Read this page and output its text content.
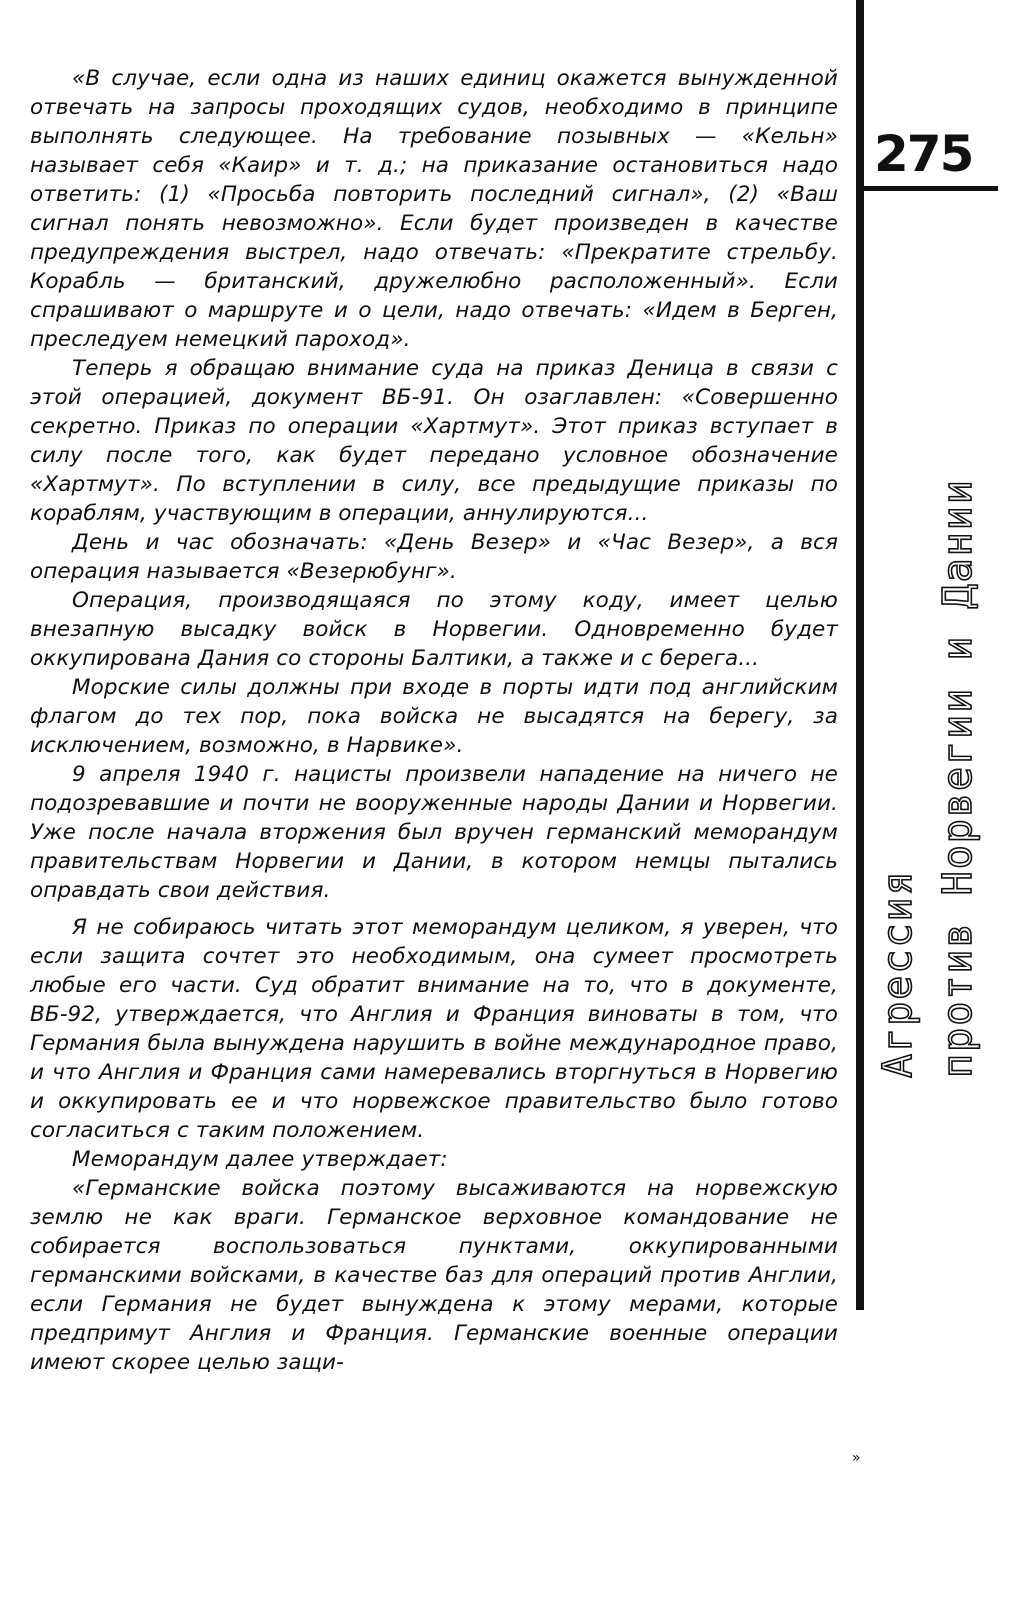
«В случае, если одна из наших единиц окажется вынужденной отвечать на запросы проходящих судов, необходимо в принципе выполнять следующее. На требование позывных — «Кельн» называет себя «Каир» и т. д.; на приказание остановиться надо ответить: (1) «Просьба повторить последний сигнал», (2) «Ваш сигнал понять невозможно». Если будет произведен в качестве предупреждения выстрел, надо отвечать: «Прекратите стрельбу. Корабль — британский, дружелюбно расположенный». Если спрашивают о маршруте и о цели, надо отвечать: «Идем в Берген, преследуем немецкий пароход».

Теперь я обращаю внимание суда на приказ Деница в связи с этой операцией, документ ВБ-91. Он озаглавлен: «Совершенно секретно. Приказ по операции «Хартмут». Этот приказ вступает в силу после того, как будет передано условное обозначение «Хартмут». По вступлении в силу, все предыдущие приказы по кораблям, участвующим в операции, аннулируются...

День и час обозначать: «День Везер» и «Час Везер», а вся операция называется «Везерюбунг».

Операция, производящаяся по этому коду, имеет целью внезапную высадку войск в Норвегии. Одновременно будет оккупирована Дания со стороны Балтики, а также и с берега...

Морские силы должны при входе в порты идти под английским флагом до тех пор, пока войска не высадятся на берегу, за исключением, возможно, в Нарвике».

9 апреля 1940 г. нацисты произвели нападение на ничего не подозревавшие и почти не вооруженные народы Дании и Норвегии. Уже после начала вторжения был вручен германский меморандум правительствам Норвегии и Дании, в котором немцы пытались оправдать свои действия.

Я не собираюсь читать этот меморандум целиком, я уверен, что если защита сочтет это необходимым, она сумеет просмотреть любые его части. Суд обратит внимание на то, что в документе, ВБ-92, утверждается, что Англия и Франция виноваты в том, что Германия была вынуждена нарушить в войне международное право, и что Англия и Франция сами намеревались вторгнуться в Норвегию и оккупировать ее и что норвежское правительство было готово согласиться с таким положением.

Меморандум далее утверждает:

«Германские войска поэтому высаживаются на норвежскую землю не как враги. Германское верховное командование не собирается воспользоваться пунктами, оккупированными германскими войсками, в качестве баз для операций против Англии, если Германия не будет вынуждена к этому мерами, которые предпримут Англия и Франция. Германские военные операции имеют скорее целью защи-

275
Агрессия против Норвегии и Дании
»
